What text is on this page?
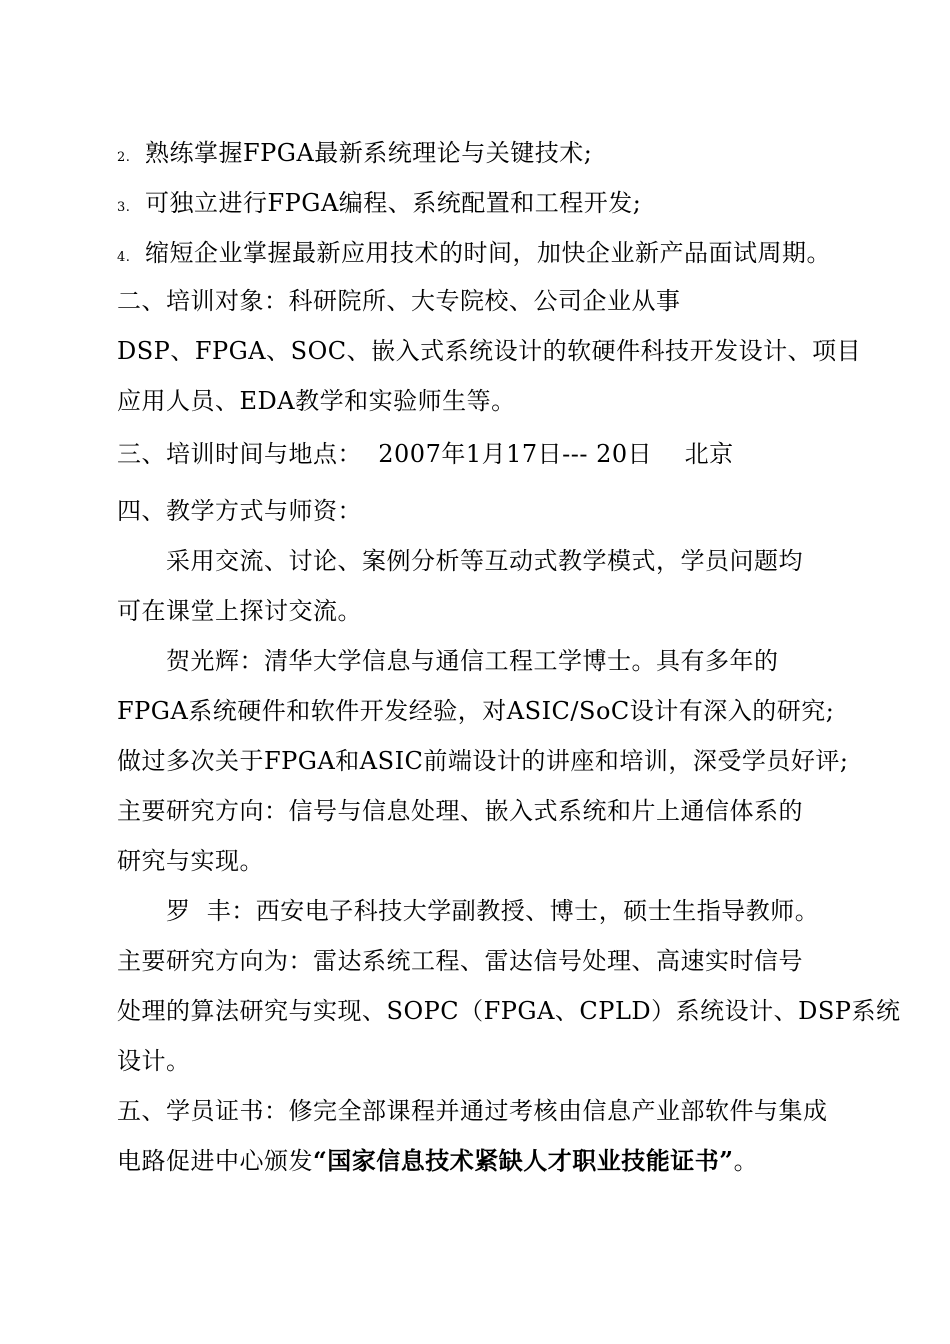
2. 熟练掌握FPGA最新系统理论与关键技术;
3. 可独立进行FPGA编程、系统配置和工程开发;
4. 缩短企业掌握最新应用技术的时间，加快企业新产品面试周期。
二、培训对象：科研院所、大专院校、公司企业从事
DSP、FPGA、SOC、嵌入式系统设计的软硬件科技开发设计、项目
应用人员、EDA教学和实验师生等。
三、培训时间与地点：  2007年1月17日--- 20日    北京
四、教学方式与师资：
采用交流、讨论、案例分析等互动式教学模式，学员问题均
可在课堂上探讨交流。
贺光辉：清华大学信息与通信工程工学博士。具有多年的
FPGA系统硬件和软件开发经验，对ASIC/SoC设计有深入的研究;
做过多次关于FPGA和ASIC前端设计的讲座和培训，深受学员好评;
主要研究方向：信号与信息处理、嵌入式系统和片上通信体系的
研究与实现。
罗  丰：西安电子科技大学副教授、博士，硕士生指导教师。
主要研究方向为：雷达系统工程、雷达信号处理、高速实时信号
处理的算法研究与实现、SOPC（FPGA、CPLD）系统设计、DSP系统
设计。
五、学员证书：修完全部课程并通过考核由信息产业部软件与集成
电路促进中心颁发“国家信息技术紧缺人才职业技能证书”。
